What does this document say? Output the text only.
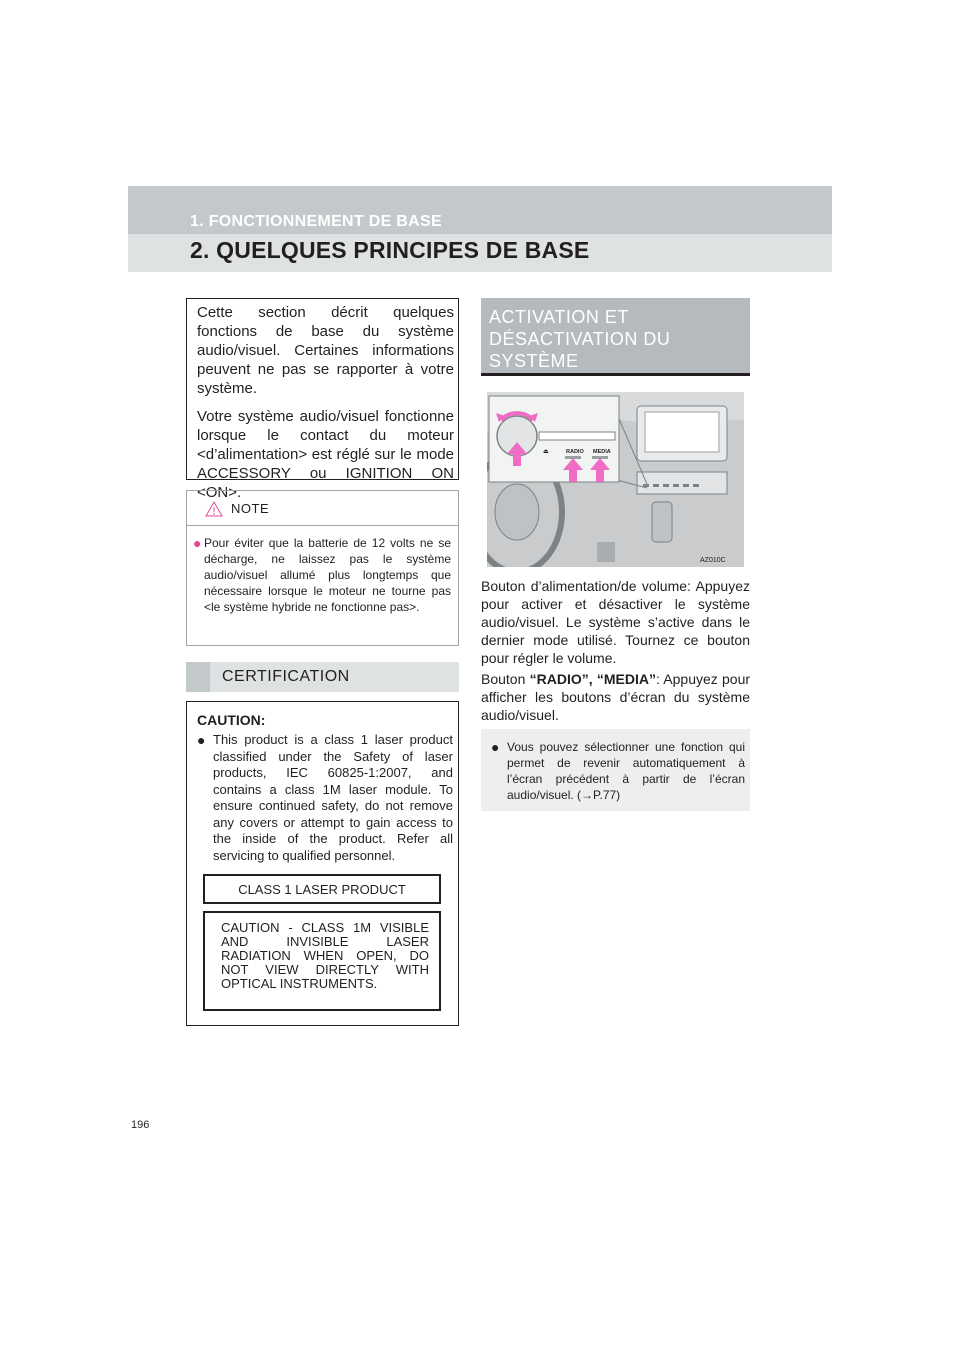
1. FONCTIONNEMENT DE BASE
2. QUELQUES PRINCIPES DE BASE

Cette section décrit quelques fonctions de base du système audio/visuel. Certaines informations peuvent ne pas se rapporter à votre système.

Votre système audio/visuel fonctionne lorsque le contact du moteur <d’alimentation> est réglé sur le mode ACCESSORY ou IGNITION ON <ON>.

NOTE
● Pour éviter que la batterie de 12 volts ne se décharge, ne laissez pas le système audio/visuel allumé plus longtemps que nécessaire lorsque le moteur ne tourne pas <le système hybride ne fonctionne pas>.
CERTIFICATION
CAUTION:
● This product is a class 1 laser product classified under the Safety of laser products, IEC 60825-1:2007, and contains a class 1M laser module. To ensure continued safety, do not remove any covers or attempt to gain access to the inside of the product. Refer all servicing to qualified personnel.
CLASS 1 LASER PRODUCT
CAUTION - CLASS 1M VISIBLE AND INVISIBLE LASER RADIATION WHEN OPEN, DO NOT VIEW DIRECTLY WITH OPTICAL INSTRUMENTS.
ACTIVATION ET DÉSACTIVATION DU SYSTÈME
⏏	RADIO MEDIA
AZ010C

Bouton d’alimentation/de volume: Appuyez pour activer et désactiver le système audio/visuel. Le système s’active dans le dernier mode utilisé. Tournez ce bouton pour régler le volume.

Bouton “RADIO”, “MEDIA”: Appuyez pour afficher les boutons d’écran du système audio/visuel.

● Vous pouvez sélectionner une fonction qui permet de revenir automatiquement à l’écran précédent à partir de l’écran audio/visuel. (→P.77)
196
